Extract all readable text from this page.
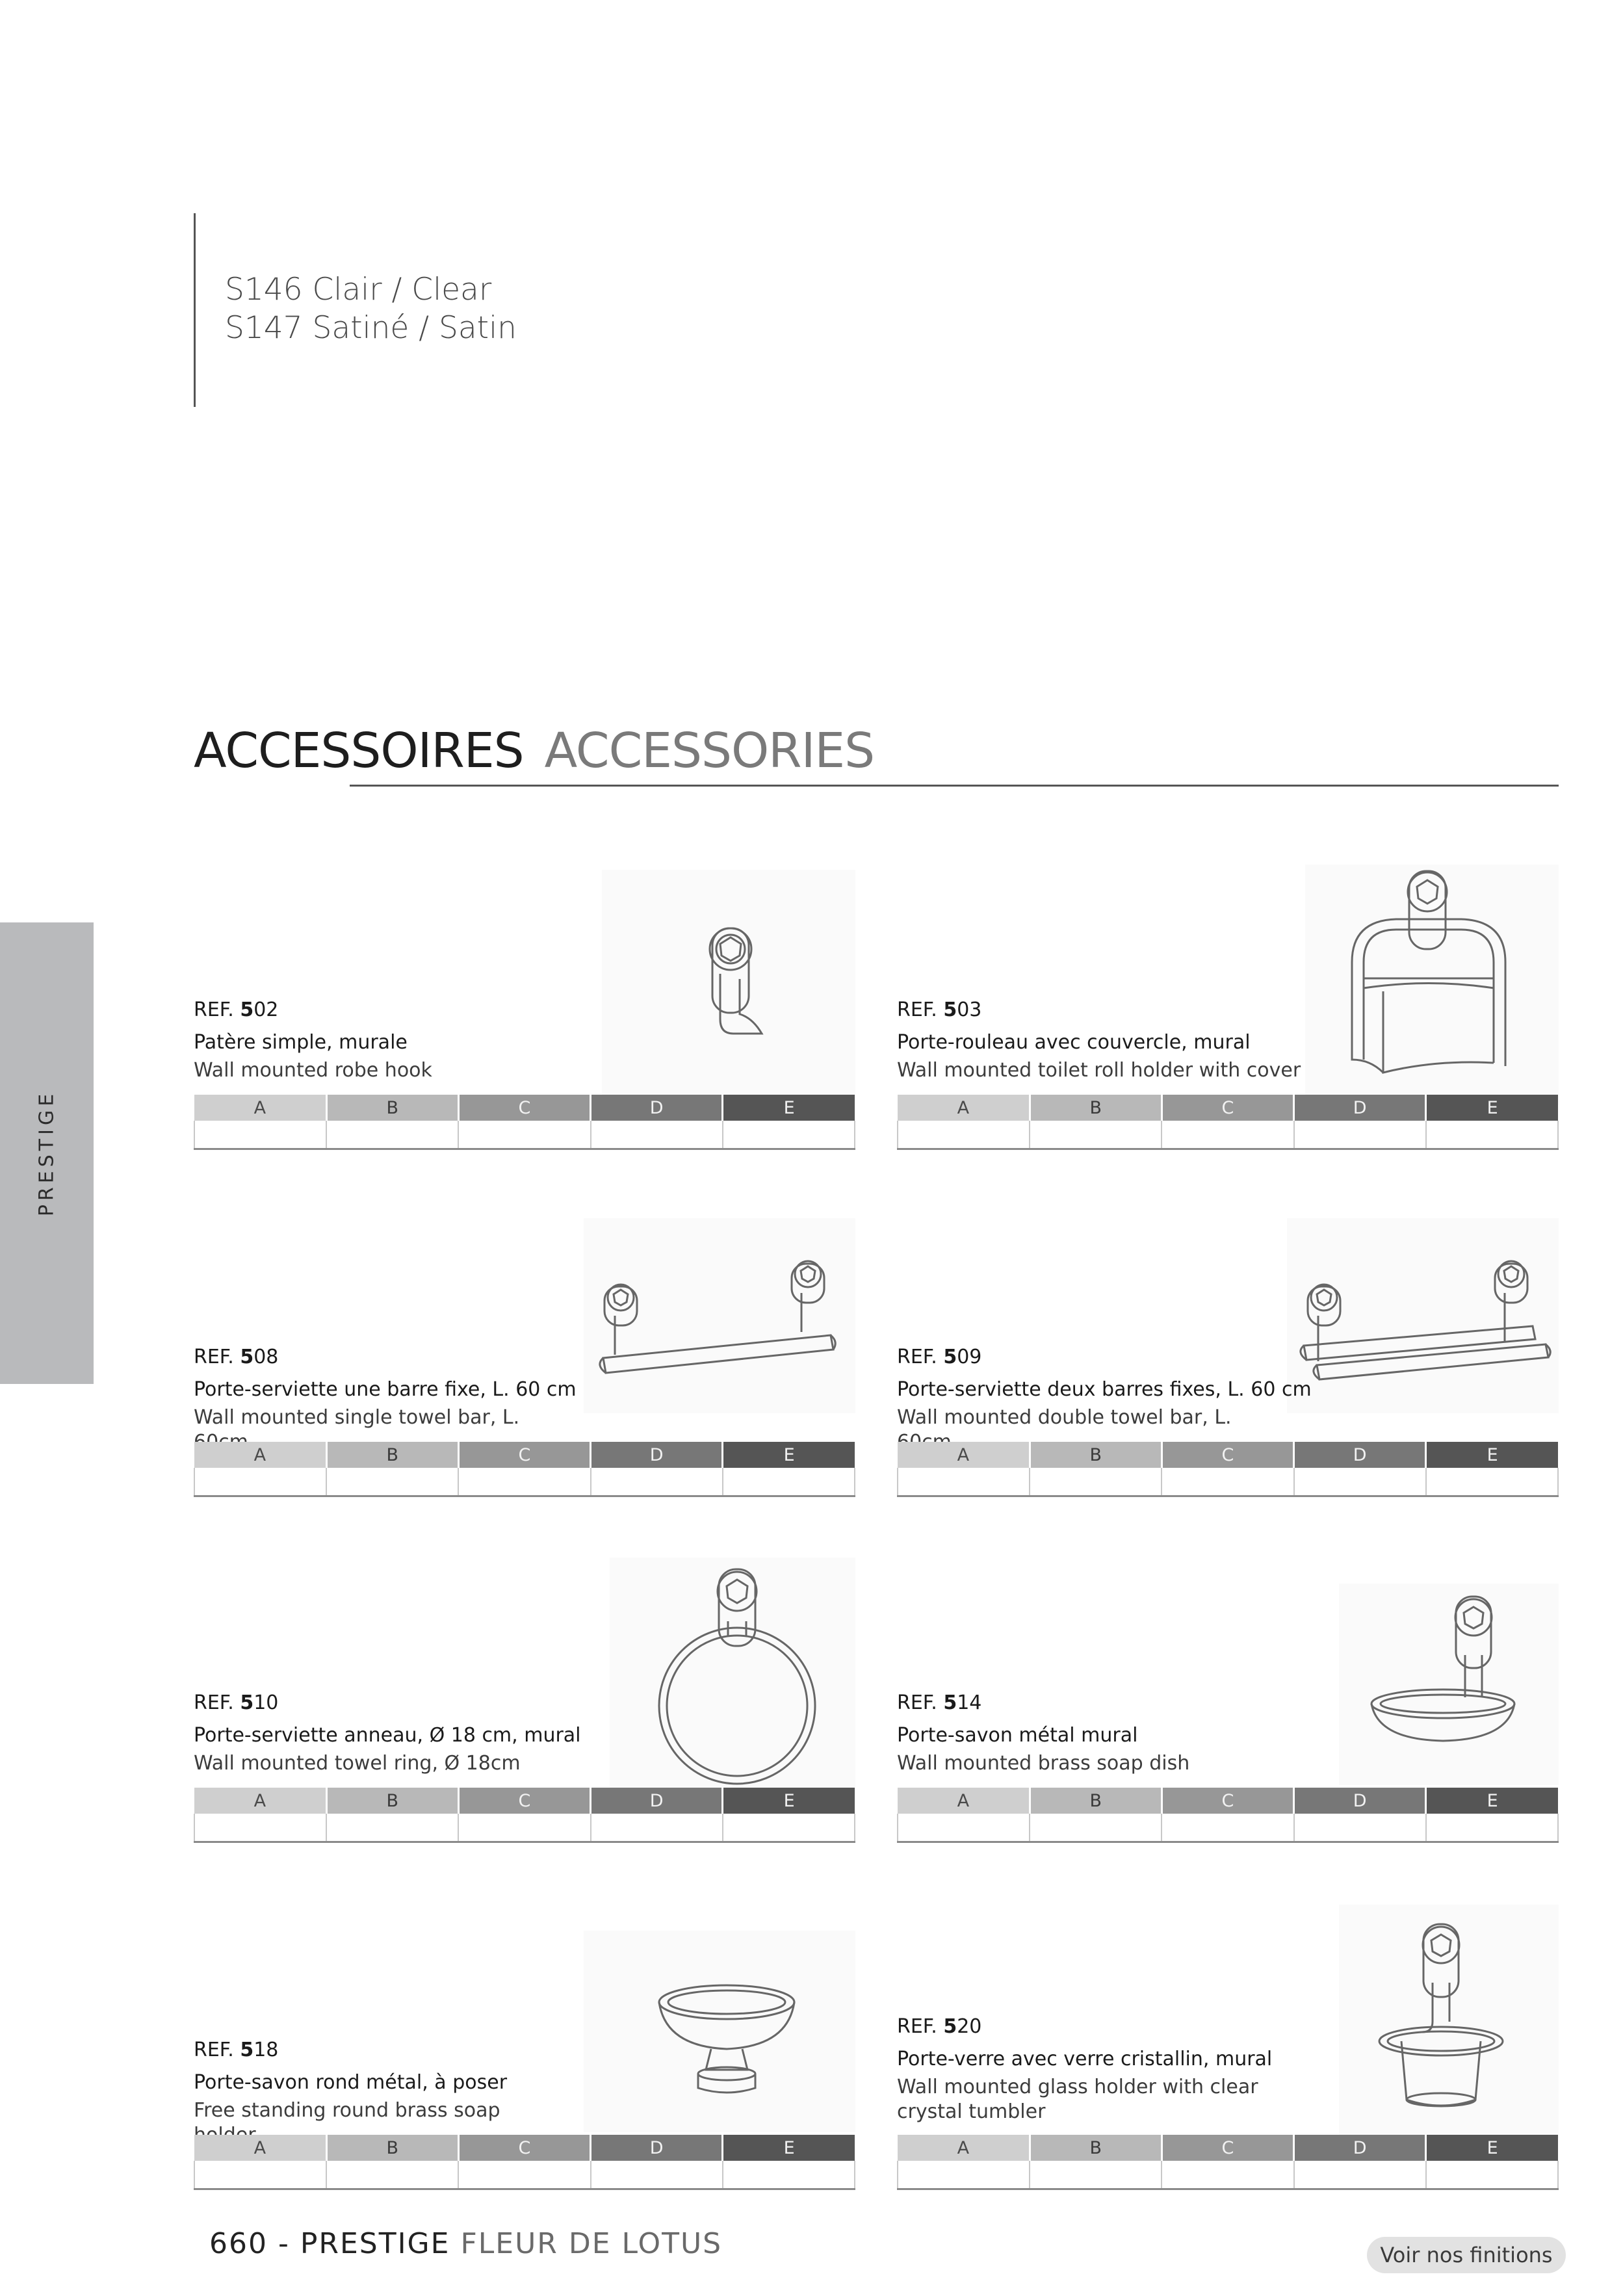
S146 Clair / Clear
S147 Satiné / Satin
ACCESSOIRES ACCESSORIES
PRESTIGE
REF. 502
Patère simple, murale
Wall mounted robe hook
A	B	C	D	E

REF. 503
Porte-rouleau avec couvercle, mural
Wall mounted toilet roll holder with cover
A	B	C	D	E

REF. 508
Porte-serviette une barre fixe, L. 60 cm
Wall mounted single towel bar, L.
A	B	C	D	E

REF. 509
Porte-serviette deux barres fixes, L. 60 cm
Wall mounted double towel bar, L.
A	B	C	D	E

REF. 510
Porte-serviette anneau, Ø 18 cm, mural
Wall mounted towel ring, Ø 18cm
A	B	C	D	E

REF. 514
Porte-savon métal mural
Wall mounted brass soap dish
A	B	C	D	E

REF. 518
Porte-savon rond métal, à poser
Free standing round brass soap
A	B	C	D	E

REF. 520
Porte-verre avec verre cristallin, mural
Wall mounted glass holder with clear crystal tumbler
A	B	C	D	E

660 - PRESTIGE FLEUR DE LOTUS	Voir nos finitions
